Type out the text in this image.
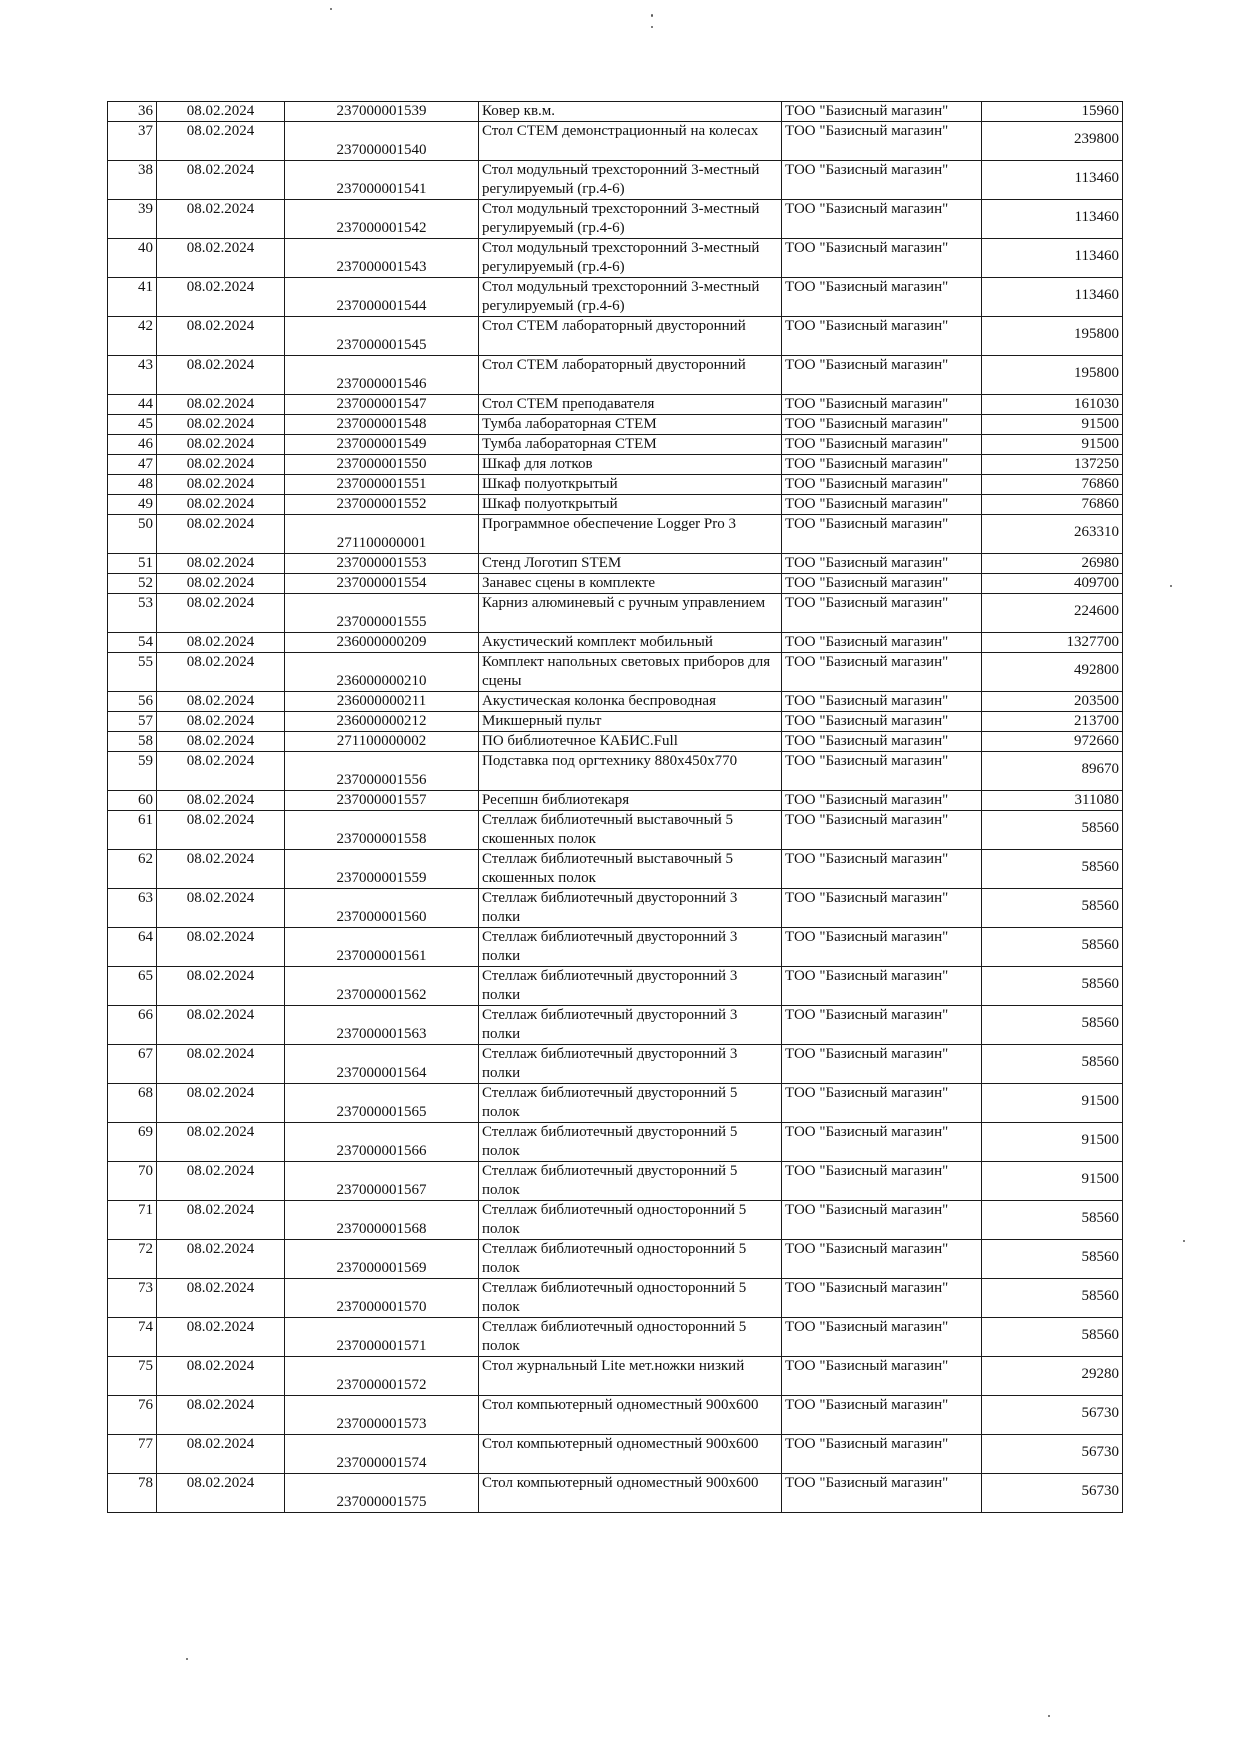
36	08.02.2024	237000001539	Ковер кв.м.	ТОО "Базисный магазин"	15960
37	08.02.2024	237000001540	Стол СТЕМ демонстрационный на колесах	ТОО "Базисный магазин"	239800

38	08.02.2024	237000001541	Стол модульный трехсторонний 3-местный регулируемый (гр.4-6)	ТОО "Базисный магазин"	113460

39	08.02.2024	237000001542	Стол модульный трехсторонний 3-местный регулируемый (гр.4-6)	ТОО "Базисный магазин"	113460

40	08.02.2024	237000001543	Стол модульный трехсторонний 3-местный регулируемый (гр.4-6)	ТОО "Базисный магазин"	113460

41	08.02.2024	237000001544	Стол модульный трехсторонний 3-местный регулируемый (гр.4-6)	ТОО "Базисный магазин"	113460

42	08.02.2024	237000001545	Стол СТЕМ лабораторный двусторонний	ТОО "Базисный магазин"	195800

43	08.02.2024	237000001546	Стол СТЕМ лабораторный двусторонний	ТОО "Базисный магазин"	195800

44	08.02.2024	237000001547	Стол СТЕМ преподавателя	ТОО "Базисный магазин"	161030
45	08.02.2024	237000001548	Тумба лабораторная СТЕМ	ТОО "Базисный магазин"	91500
46	08.02.2024	237000001549	Тумба лабораторная СТЕМ	ТОО "Базисный магазин"	91500
47	08.02.2024	237000001550	Шкаф для лотков	ТОО "Базисный магазин"	137250
48	08.02.2024	237000001551	Шкаф полуоткрытый	ТОО "Базисный магазин"	76860
49	08.02.2024	237000001552	Шкаф полуоткрытый	ТОО "Базисный магазин"	76860
50	08.02.2024	271100000001	Программное обеспечение Logger Pro 3	ТОО "Базисный магазин"	263310

51	08.02.2024	237000001553	Стенд Логотип STEM	ТОО "Базисный магазин"	26980
52	08.02.2024	237000001554	Занавес сцены в комплекте	ТОО "Базисный магазин"	409700
53	08.02.2024	237000001555	Карниз алюминевый с ручным управлением	ТОО "Базисный магазин"	224600

54	08.02.2024	236000000209	Акустический комплект мобильный	ТОО "Базисный магазин"	1327700
55	08.02.2024	236000000210	Комплект напольных световых приборов для сцены	ТОО "Базисный магазин"	492800

56	08.02.2024	236000000211	Акустическая колонка беспроводная	ТОО "Базисный магазин"	203500
57	08.02.2024	236000000212	Микшерный пульт	ТОО "Базисный магазин"	213700
58	08.02.2024	271100000002	ПО библиотечное КАБИС.Full	ТОО "Базисный магазин"	972660
59	08.02.2024	237000001556	Подставка под оргтехнику 880х450х770	ТОО "Базисный магазин"	89670

60	08.02.2024	237000001557	Ресепшн библиотекаря	ТОО "Базисный магазин"	311080
61	08.02.2024	237000001558	Стеллаж библиотечный выставочный 5 скошенных полок	ТОО "Базисный магазин"	58560

62	08.02.2024	237000001559	Стеллаж библиотечный выставочный 5 скошенных полок	ТОО "Базисный магазин"	58560

63	08.02.2024	237000001560	Стеллаж библиотечный двусторонний 3 полки	ТОО "Базисный магазин"	58560

64	08.02.2024	237000001561	Стеллаж библиотечный двусторонний 3 полки	ТОО "Базисный магазин"	58560

65	08.02.2024	237000001562	Стеллаж библиотечный двусторонний 3 полки	ТОО "Базисный магазин"	58560

66	08.02.2024	237000001563	Стеллаж библиотечный двусторонний 3 полки	ТОО "Базисный магазин"	58560

67	08.02.2024	237000001564	Стеллаж библиотечный двусторонний 3 полки	ТОО "Базисный магазин"	58560

68	08.02.2024	237000001565	Стеллаж библиотечный двусторонний 5 полок	ТОО "Базисный магазин"	91500

69	08.02.2024	237000001566	Стеллаж библиотечный двусторонний 5 полок	ТОО "Базисный магазин"	91500

70	08.02.2024	237000001567	Стеллаж библиотечный двусторонний 5 полок	ТОО "Базисный магазин"	91500

71	08.02.2024	237000001568	Стеллаж библиотечный односторонний 5 полок	ТОО "Базисный магазин"	58560

72	08.02.2024	237000001569	Стеллаж библиотечный односторонний 5 полок	ТОО "Базисный магазин"	58560

73	08.02.2024	237000001570	Стеллаж библиотечный односторонний 5 полок	ТОО "Базисный магазин"	58560

74	08.02.2024	237000001571	Стеллаж библиотечный односторонний 5 полок	ТОО "Базисный магазин"	58560

75	08.02.2024	237000001572	Стол журнальный Lite мет.ножки низкий	ТОО "Базисный магазин"	29280

76	08.02.2024	237000001573	Стол компьютерный одноместный 900х600	ТОО "Базисный магазин"	56730

77	08.02.2024	237000001574	Стол компьютерный одноместный 900х600	ТОО "Базисный магазин"	56730

78	08.02.2024	237000001575	Стол компьютерный одноместный 900х600	ТОО "Базисный магазин"	56730
